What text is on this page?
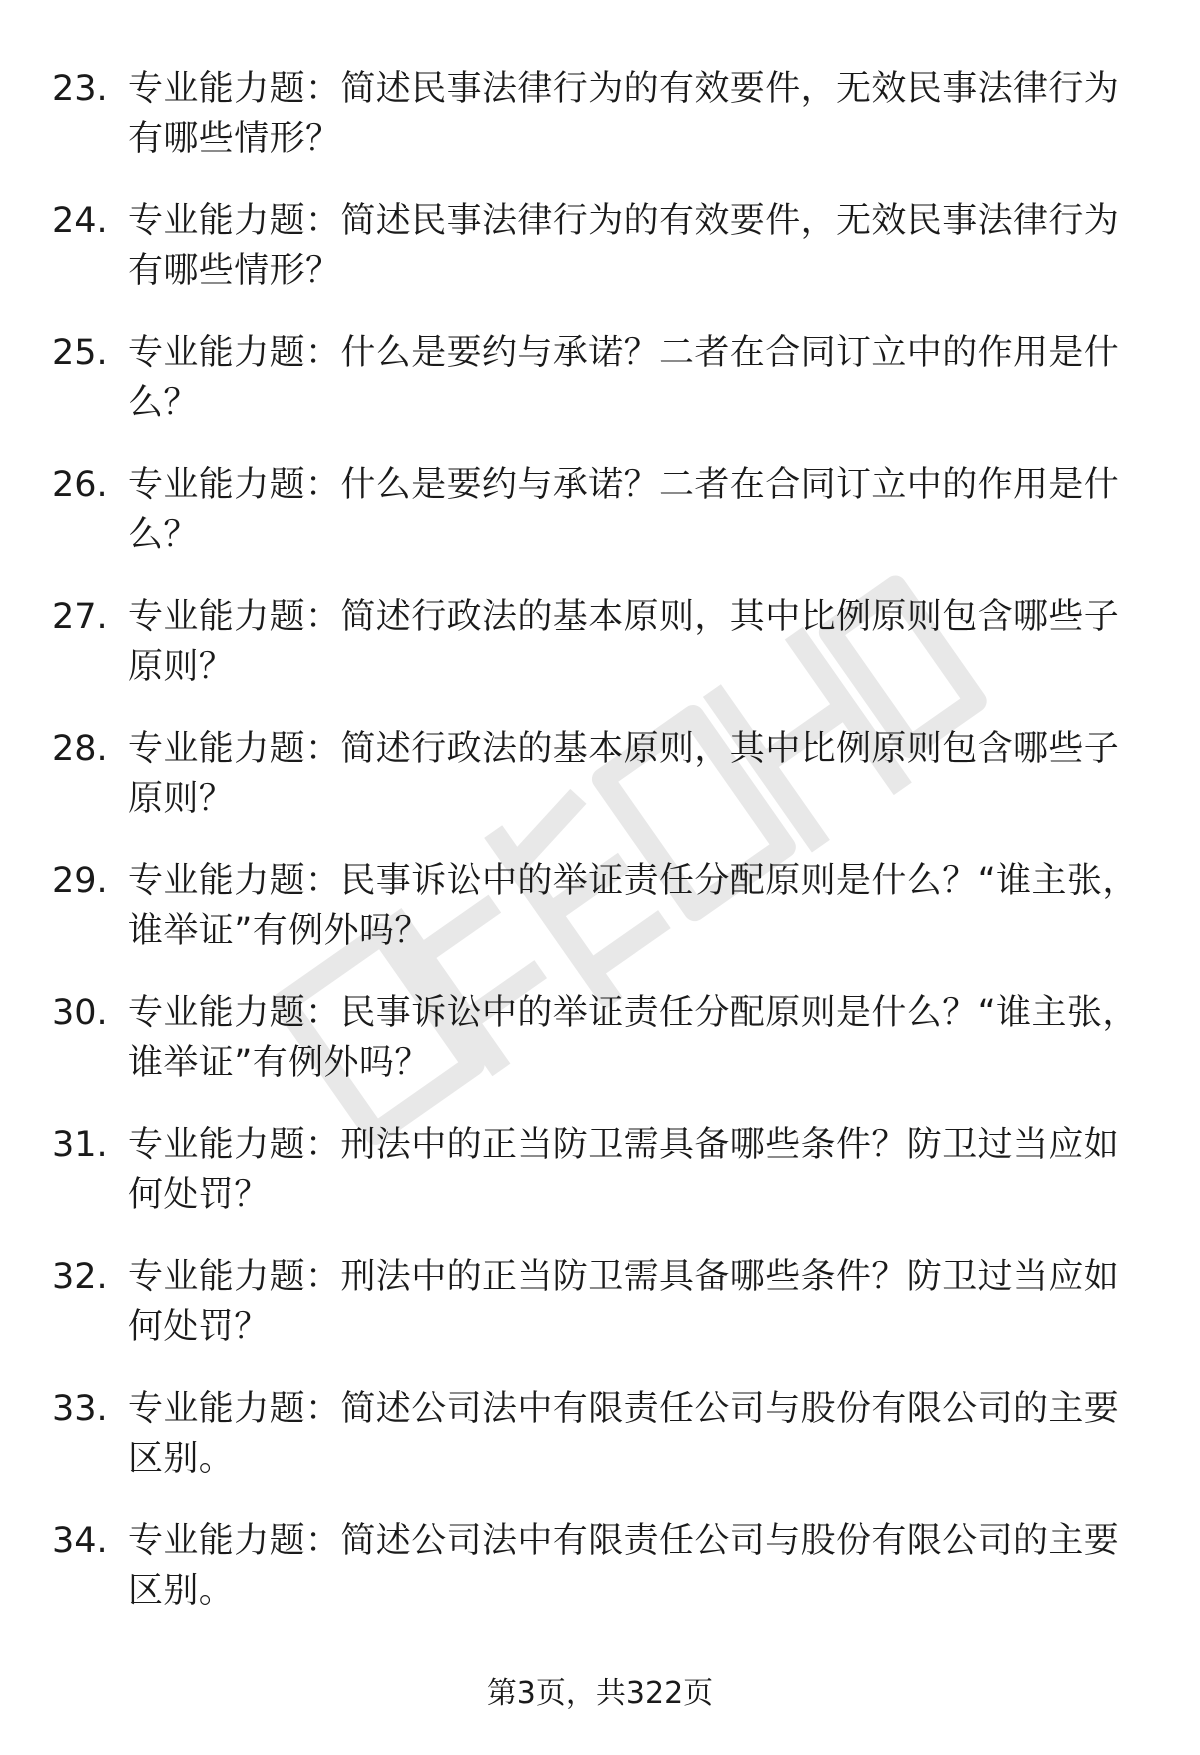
23. 专业能力题：简述民事法律行为的有效要件，无效民事法律行为有哪些情形？
24. 专业能力题：简述民事法律行为的有效要件，无效民事法律行为有哪些情形？
25. 专业能力题：什么是要约与承诺？二者在合同订立中的作用是什么？
26. 专业能力题：什么是要约与承诺？二者在合同订立中的作用是什么？
27. 专业能力题：简述行政法的基本原则，其中比例原则包含哪些子原则？
28. 专业能力题：简述行政法的基本原则，其中比例原则包含哪些子原则？
29. 专业能力题：民事诉讼中的举证责任分配原则是什么？“谁主张，谁举证”有例外吗？
30. 专业能力题：民事诉讼中的举证责任分配原则是什么？“谁主张，谁举证”有例外吗？
31. 专业能力题：刑法中的正当防卫需具备哪些条件？防卫过当应如何处罚？
32. 专业能力题：刑法中的正当防卫需具备哪些条件？防卫过当应如何处罚？
33. 专业能力题：简述公司法中有限责任公司与股份有限公司的主要区别。
34. 专业能力题：简述公司法中有限责任公司与股份有限公司的主要区别。
第3页，共322页
